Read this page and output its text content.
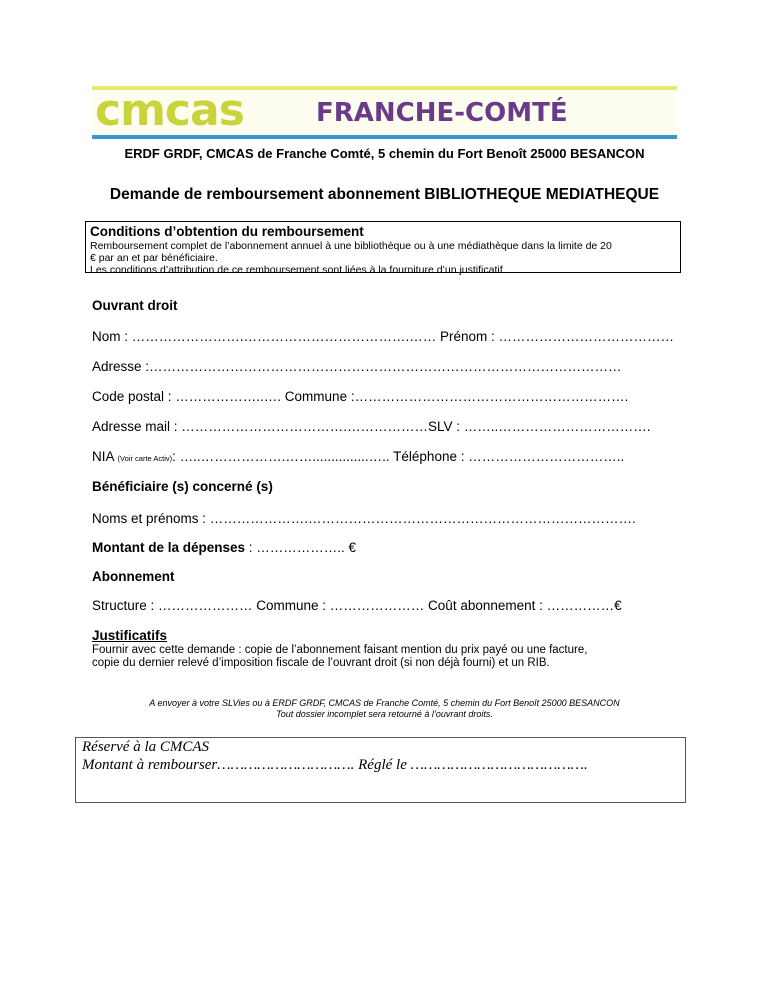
cmcas	FRANCHE-COMTÉ
ERDF GRDF, CMCAS de Franche Comté, 5 chemin du Fort Benoît 25000 BESANCON
Demande de remboursement abonnement BIBLIOTHEQUE MEDIATHEQUE
Conditions d’obtention du remboursement
Remboursement complet de l’abonnement annuel à une bibliothèque ou à une médiathèque dans la limite de 20
€ par an et par bénéficiaire.
Les conditions d’attribution de ce remboursement sont liées à la fourniture d’un justificatif.
Ouvrant droit
Nom : …………………….……………………………….…… Prénom : …………………………………
Adresse :……………………………………………………………………………………………
Code postal : ………………..…. Commune :…………………………………………………….
Adresse mail : ……………………………….………………SLV : ……..…………………………….
NIA (Voir carte Activ): …..……………….……...............….. Téléphone : ……………………………..
Bénéficiaire (s) concerné (s)
Noms et prénoms : ………………….……………………………………………………………….
Montant de la dépenses : ……………….. €
Abonnement
Structure : ………………… Commune : ………………… Coût abonnement : ……………€
Justificatifs
Fournir avec cette demande : copie de l’abonnement faisant mention du prix payé ou une facture,
copie du dernier relevé d’imposition fiscale de l’ouvrant droit (si non déjà fourni) et un RIB.
A envoyer à votre SLVies ou à ERDF GRDF, CMCAS de Franche Comté, 5 chemin du Fort Benoît 25000 BESANCON
Tout dossier incomplet sera retourné à l’ouvrant droits.
Réservé à la CMCAS
Montant à rembourser…………………………. Réglé le ………………………………….
